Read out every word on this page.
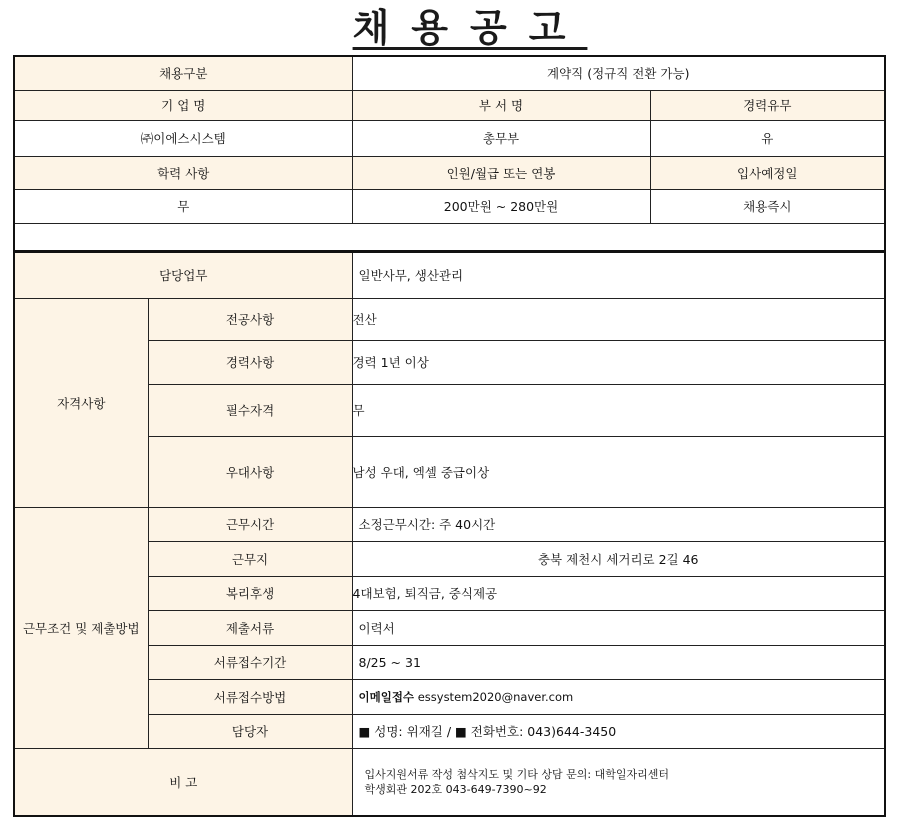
채용공고
채용구분	계약직 (정규직 전환 가능)	
기 업 명	부 서 명	경력유무
㈜이에스시스템	총무부	유
학력 사항	인원/월급 또는 연봉	입사예정일
무	200만원 ~ 280만원	채용즉시

담당업무		일반사무, 생산관리
자격사항	전공사항	전산
	경력사항	경력 1년 이상
	필수자격	무
	우대사항	남성 우대, 엑셀 중급이상
근무조건 및 제출방법	근무시간	소정근무시간: 주 40시간
	근무지	충북 제천시 세거리로 2길 46
	복리후생	4대보험, 퇴직금, 중식제공
	제출서류	이력서
	서류접수기간	8/25 ~ 31
	서류접수방법	이메일접수 essystem2020@naver.com
	담당자	■ 성명: 위재길 / ■ 전화번호: 043)644-3450
비 고		입사지원서류 작성 첨삭지도 및 기타 상담 문의: 대학일자리센터
학생회관 202호 043-649-7390~92
